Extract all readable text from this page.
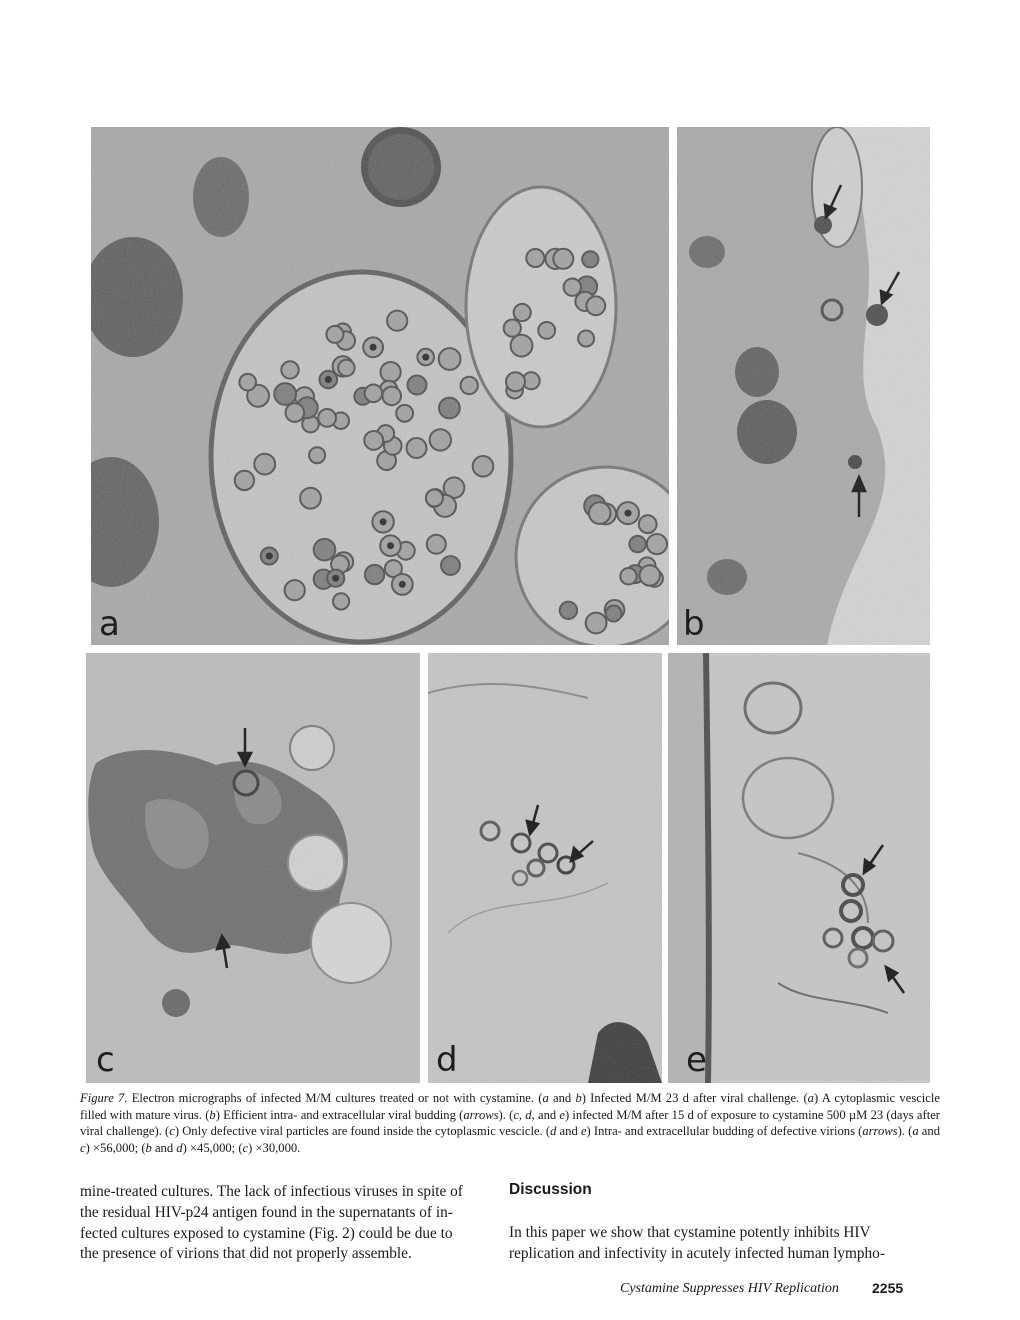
a	b
c	d	e
Figure 7. Electron micrographs of infected M/M cultures treated or not with cystamine. (a and b) Infected M/M 23 d after viral challenge. (a) A cytoplasmic vescicle filled with mature virus. (b) Efficient intra- and extracellular viral budding (arrows). (c, d, and e) infected M/M after 15 d of exposure to cystamine 500 µM 23 (days after viral challenge). (c) Only defective viral particles are found inside the cytoplasmic vescicle. (d and e) Intra- and extracellular budding of defective virions (arrows). (a and c) ×56,000; (b and d) ×45,000; (c) ×30,000.
mine-treated cultures. The lack of infectious viruses in spite of
the residual HIV-p24 antigen found in the supernatants of in-
fected cultures exposed to cystamine (Fig. 2) could be due to
the presence of virions that did not properly assemble.
Discussion
In this paper we show that cystamine potently inhibits HIV
replication and infectivity in acutely infected human lympho-
Cystamine Suppresses HIV Replication 2255
